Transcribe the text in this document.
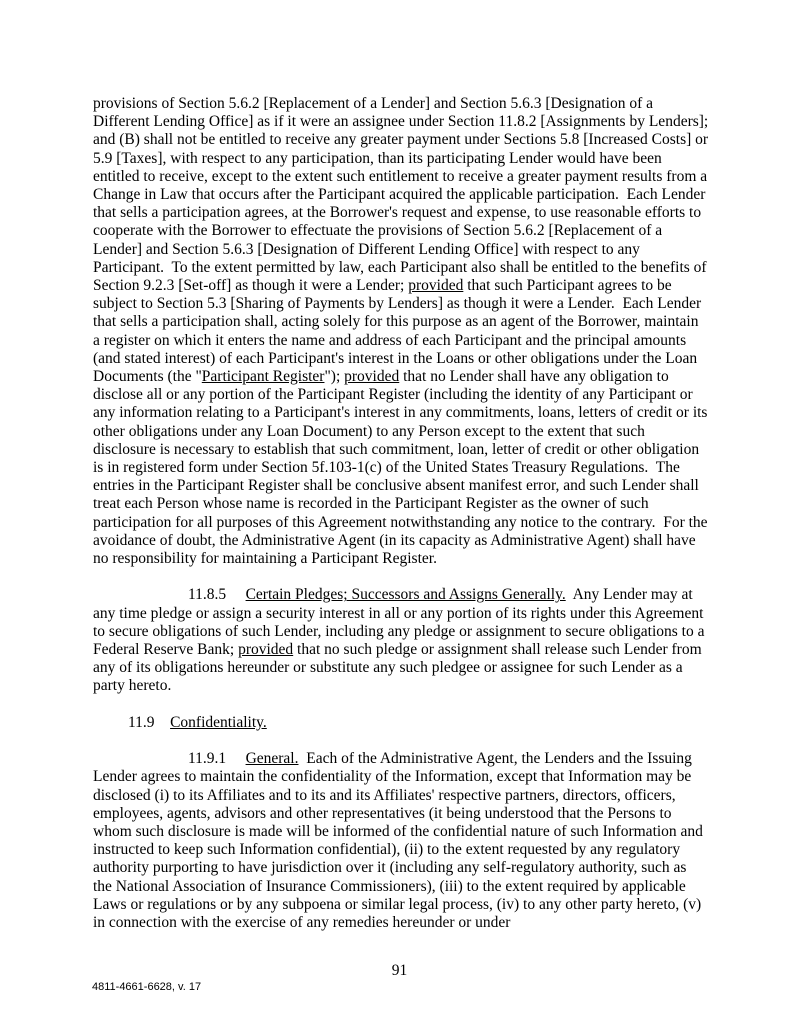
provisions of Section 5.6.2 [Replacement of a Lender] and Section 5.6.3 [Designation of a Different Lending Office] as if it were an assignee under Section 11.8.2 [Assignments by Lenders]; and (B) shall not be entitled to receive any greater payment under Sections 5.8 [Increased Costs] or 5.9 [Taxes], with respect to any participation, than its participating Lender would have been entitled to receive, except to the extent such entitlement to receive a greater payment results from a Change in Law that occurs after the Participant acquired the applicable participation.  Each Lender that sells a participation agrees, at the Borrower's request and expense, to use reasonable efforts to cooperate with the Borrower to effectuate the provisions of Section 5.6.2 [Replacement of a Lender] and Section 5.6.3 [Designation of Different Lending Office] with respect to any Participant.  To the extent permitted by law, each Participant also shall be entitled to the benefits of Section 9.2.3 [Set-off] as though it were a Lender; provided that such Participant agrees to be subject to Section 5.3 [Sharing of Payments by Lenders] as though it were a Lender.  Each Lender that sells a participation shall, acting solely for this purpose as an agent of the Borrower, maintain a register on which it enters the name and address of each Participant and the principal amounts (and stated interest) of each Participant's interest in the Loans or other obligations under the Loan Documents (the "Participant Register"); provided that no Lender shall have any obligation to disclose all or any portion of the Participant Register (including the identity of any Participant or any information relating to a Participant's interest in any commitments, loans, letters of credit or its other obligations under any Loan Document) to any Person except to the extent that such disclosure is necessary to establish that such commitment, loan, letter of credit or other obligation is in registered form under Section 5f.103-1(c) of the United States Treasury Regulations.  The entries in the Participant Register shall be conclusive absent manifest error, and such Lender shall treat each Person whose name is recorded in the Participant Register as the owner of such participation for all purposes of this Agreement notwithstanding any notice to the contrary.  For the avoidance of doubt, the Administrative Agent (in its capacity as Administrative Agent) shall have no responsibility for maintaining a Participant Register.

11.8.5     Certain Pledges; Successors and Assigns Generally.  Any Lender may at any time pledge or assign a security interest in all or any portion of its rights under this Agreement to secure obligations of such Lender, including any pledge or assignment to secure obligations to a Federal Reserve Bank; provided that no such pledge or assignment shall release such Lender from any of its obligations hereunder or substitute any such pledgee or assignee for such Lender as a party hereto.

11.9    Confidentiality.

11.9.1     General.  Each of the Administrative Agent, the Lenders and the Issuing Lender agrees to maintain the confidentiality of the Information, except that Information may be disclosed (i) to its Affiliates and to its and its Affiliates' respective partners, directors, officers, employees, agents, advisors and other representatives (it being understood that the Persons to whom such disclosure is made will be informed of the confidential nature of such Information and instructed to keep such Information confidential), (ii) to the extent requested by any regulatory authority purporting to have jurisdiction over it (including any self-regulatory authority, such as the National Association of Insurance Commissioners), (iii) to the extent required by applicable Laws or regulations or by any subpoena or similar legal process, (iv) to any other party hereto, (v) in connection with the exercise of any remedies hereunder or under

91
4811-4661-6628, v. 17
